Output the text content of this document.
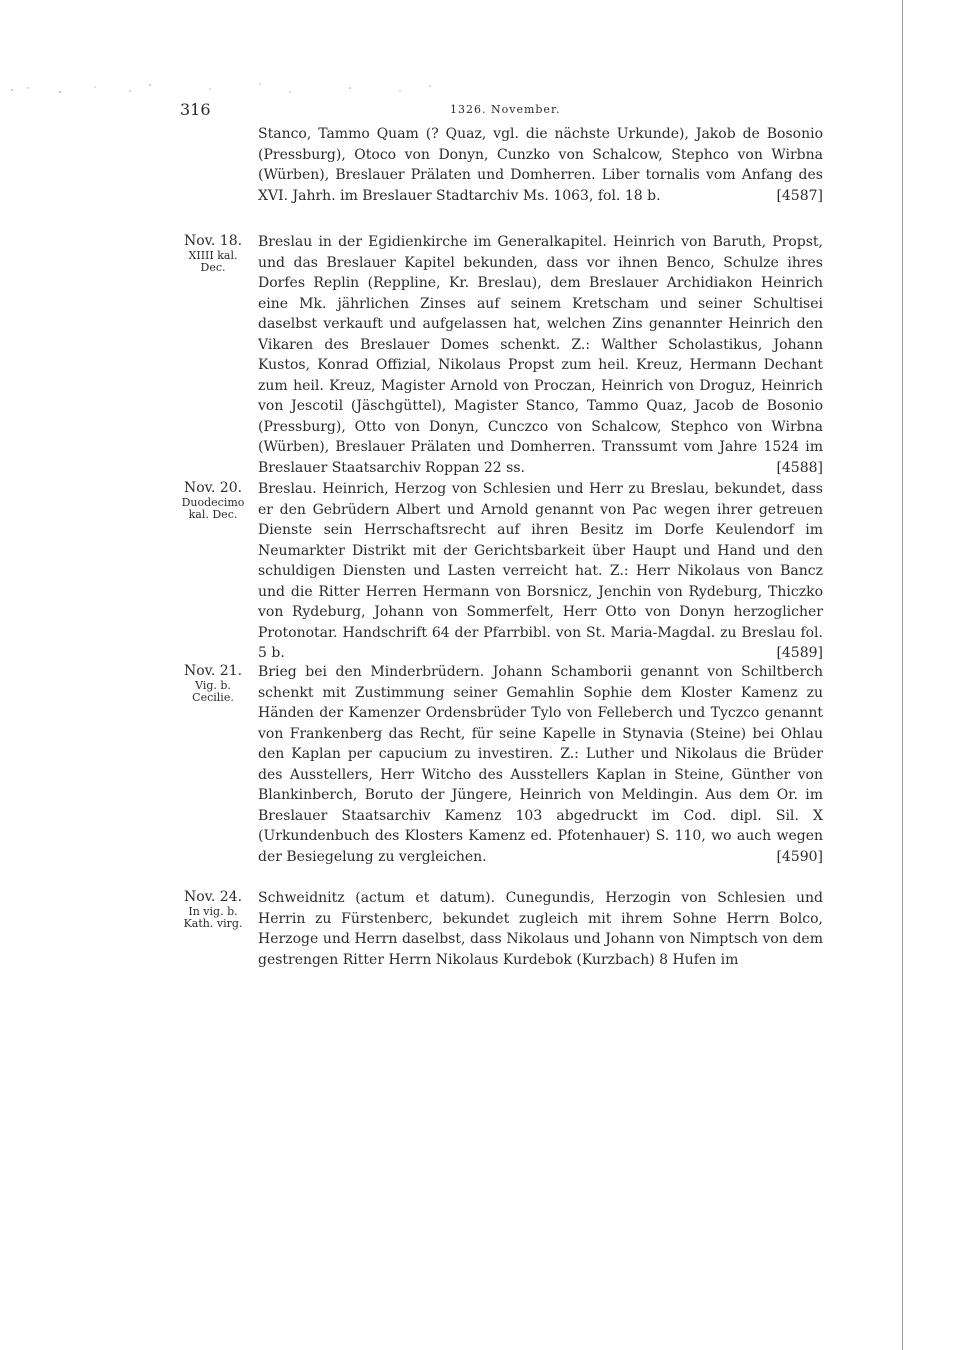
316	1326. November.

Stanco, Tammo Quam (? Quaz, vgl. die nächste Urkunde), Jakob de Bosonio (Pressburg), Otoco von Donyn, Cunzko von Schalcow, Stephco von Wirbna (Würben), Breslauer Prälaten und Domherren. Liber tornalis vom Anfang des XVI. Jahrh. im Breslauer Stadtarchiv Ms. 1063, fol. 18 b.	[4587]

Nov. 18.
XIIII kal. Dec.

Breslau in der Egidienkirche im Generalkapitel. Heinrich von Baruth, Propst, und das Breslauer Kapitel bekunden, dass vor ihnen Benco, Schulze ihres Dorfes Replin (Reppline, Kr. Breslau), dem Breslauer Archidiakon Heinrich eine Mk. jährlichen Zinses auf seinem Kretscham und seiner Schultisei daselbst verkauft und aufgelassen hat, welchen Zins genannter Heinrich den Vikaren des Breslauer Domes schenkt. Z.: Walther Scholastikus, Johann Kustos, Konrad Offizial, Nikolaus Propst zum heil. Kreuz, Hermann Dechant zum heil. Kreuz, Magister Arnold von Proczan, Heinrich von Droguz, Heinrich von Jescotil (Jäschgüttel), Magister Stanco, Tammo Quaz, Jacob de Bosonio (Pressburg), Otto von Donyn, Cunczco von Schalcow, Stephco von Wirbna (Würben), Breslauer Prälaten und Domherren. Transsumt vom Jahre 1524 im Breslauer Staatsarchiv Roppan 22 ss.	[4588]

Nov. 20.
Duodecimo kal. Dec.

Breslau. Heinrich, Herzog von Schlesien und Herr zu Breslau, bekundet, dass er den Gebrüdern Albert und Arnold genannt von Pac wegen ihrer getreuen Dienste sein Herrschaftsrecht auf ihren Besitz im Dorfe Keulendorf im Neumarkter Distrikt mit der Gerichtsbarkeit über Haupt und Hand und den schuldigen Diensten und Lasten verreicht hat. Z.: Herr Nikolaus von Bancz und die Ritter Herren Hermann von Borsnicz, Jenchin von Rydeburg, Thiczko von Rydeburg, Johann von Sommerfelt, Herr Otto von Donyn herzoglicher Protonotar. Handschrift 64 der Pfarrbibl. von St. Maria-Magdal. zu Breslau fol. 5 b.	[4589]

Nov. 21.
Vig. b. Cecilie.

Brieg bei den Minderbrüdern. Johann Schamborii genannt von Schiltberch schenkt mit Zustimmung seiner Gemahlin Sophie dem Kloster Kamenz zu Händen der Kamenzer Ordensbrüder Tylo von Felleberch und Tyczco genannt von Frankenberg das Recht, für seine Kapelle in Stynavia (Steine) bei Ohlau den Kaplan per capucium zu investiren. Z.: Luther und Nikolaus die Brüder des Ausstellers, Herr Witcho des Ausstellers Kaplan in Steine, Günther von Blankinberch, Boruto der Jüngere, Heinrich von Meldingin. Aus dem Or. im Breslauer Staatsarchiv Kamenz 103 abgedruckt im Cod. dipl. Sil. X (Urkundenbuch des Klosters Kamenz ed. Pfotenhauer) S. 110, wo auch wegen der Besiegelung zu vergleichen.	[4590]

Nov. 24.
In vig. b. Kath. virg.

Schweidnitz (actum et datum). Cunegundis, Herzogin von Schlesien und Herrin zu Fürstenberc, bekundet zugleich mit ihrem Sohne Herrn Bolco, Herzoge und Herrn daselbst, dass Nikolaus und Johann von Nimptsch von dem gestrengen Ritter Herrn Nikolaus Kurdebok (Kurzbach) 8 Hufen im
